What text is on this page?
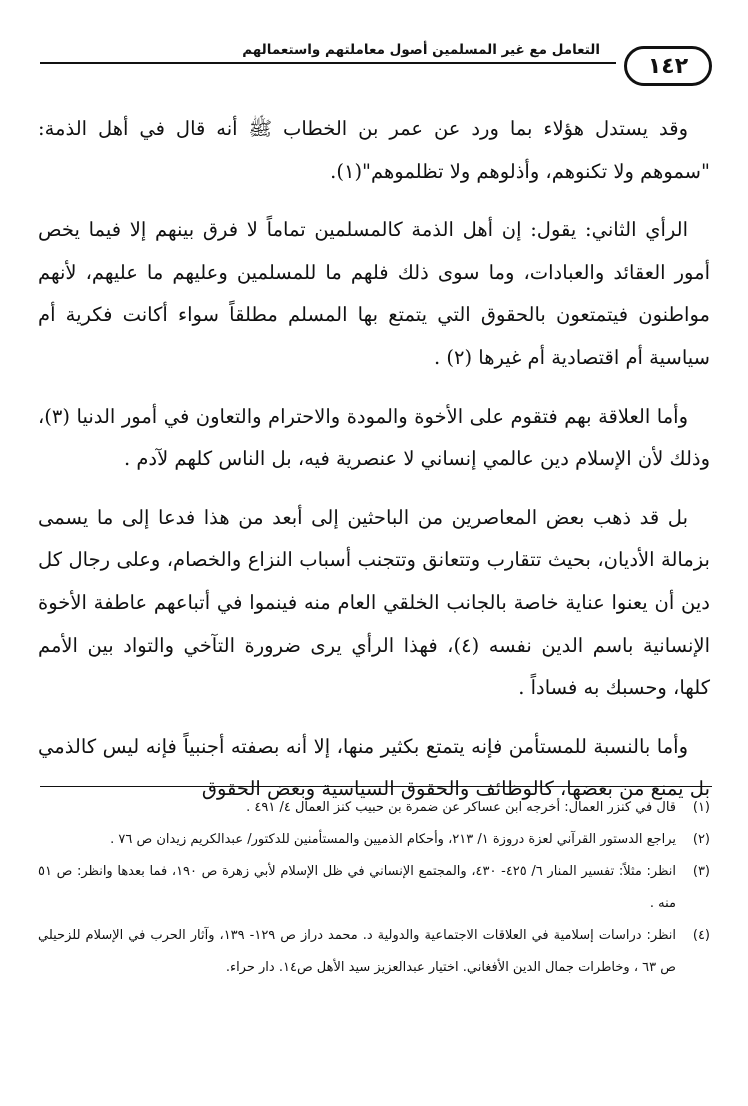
التعامل مع غير المسلمين أصول معاملتهم واستعمالهم
١٤٢

وقد يستدل هؤلاء بما ورد عن عمر بن الخطاب ﷺ أنه قال في أهل الذمة: "سموهم ولا تكنوهم، وأذلوهم ولا تظلموهم"(١).

الرأي الثاني: يقول: إن أهل الذمة كالمسلمين تماماً لا فرق بينهم إلا فيما يخص أمور العقائد والعبادات، وما سوى ذلك فلهم ما للمسلمين وعليهم ما عليهم، لأنهم مواطنون فيتمتعون بالحقوق التي يتمتع بها المسلم مطلقاً سواء أكانت فكرية أم سياسية أم اقتصادية أم غيرها (٢) .

وأما العلاقة بهم فتقوم على الأخوة والمودة والاحترام والتعاون في أمور الدنيا (٣)، وذلك لأن الإسلام دين عالمي إنساني لا عنصرية فيه، بل الناس كلهم لآدم .

بل قد ذهب بعض المعاصرين من الباحثين إلى أبعد من هذا فدعا إلى ما يسمى بزمالة الأديان، بحيث تتقارب وتتعانق وتتجنب أسباب النزاع والخصام، وعلى رجال كل دين أن يعنوا عناية خاصة بالجانب الخلقي العام منه فينموا في أتباعهم عاطفة الأخوة الإنسانية باسم الدين نفسه (٤)، فهذا الرأي يرى ضرورة التآخي والتواد بين الأمم كلها، وحسبك به فساداً .

وأما بالنسبة للمستأمن فإنه يتمتع بكثير منها، إلا أنه بصفته أجنبياً فإنه ليس كالذمي بل يمنع من بعضها، كالوظائف والحقوق السياسية وبعض الحقوق

(١)
قال في كنزر العمال: أخرجه ابن عساكر عن ضمرة بن حبيب كنز العمال ٤/ ٤٩١ .
(٢)
يراجع الدستور القرآني لعزة دروزة ١/ ٢١٣، وأحكام الذميين والمستأمنين للدكتور/ عبدالكريم زيدان ص ٧٦ .
(٣)
انظر: مثلاً: تفسير المنار ٦/ ٤٢٥- ٤٣٠، والمجتمع الإنساني في ظل الإسلام لأبي زهرة ص ١٩٠، فما بعدها وانظر: ص ٥١ منه .
(٤)
انظر: دراسات إسلامية في العلاقات الاجتماعية والدولية د. محمد دراز ص ١٢٩- ١٣٩، وآثار الحرب في الإسلام للزحيلي ص ٦٣ ، وخاطرات جمال الدين الأفغاني. اختيار عبدالعزيز سيد الأهل ص١٤. دار حراء.
